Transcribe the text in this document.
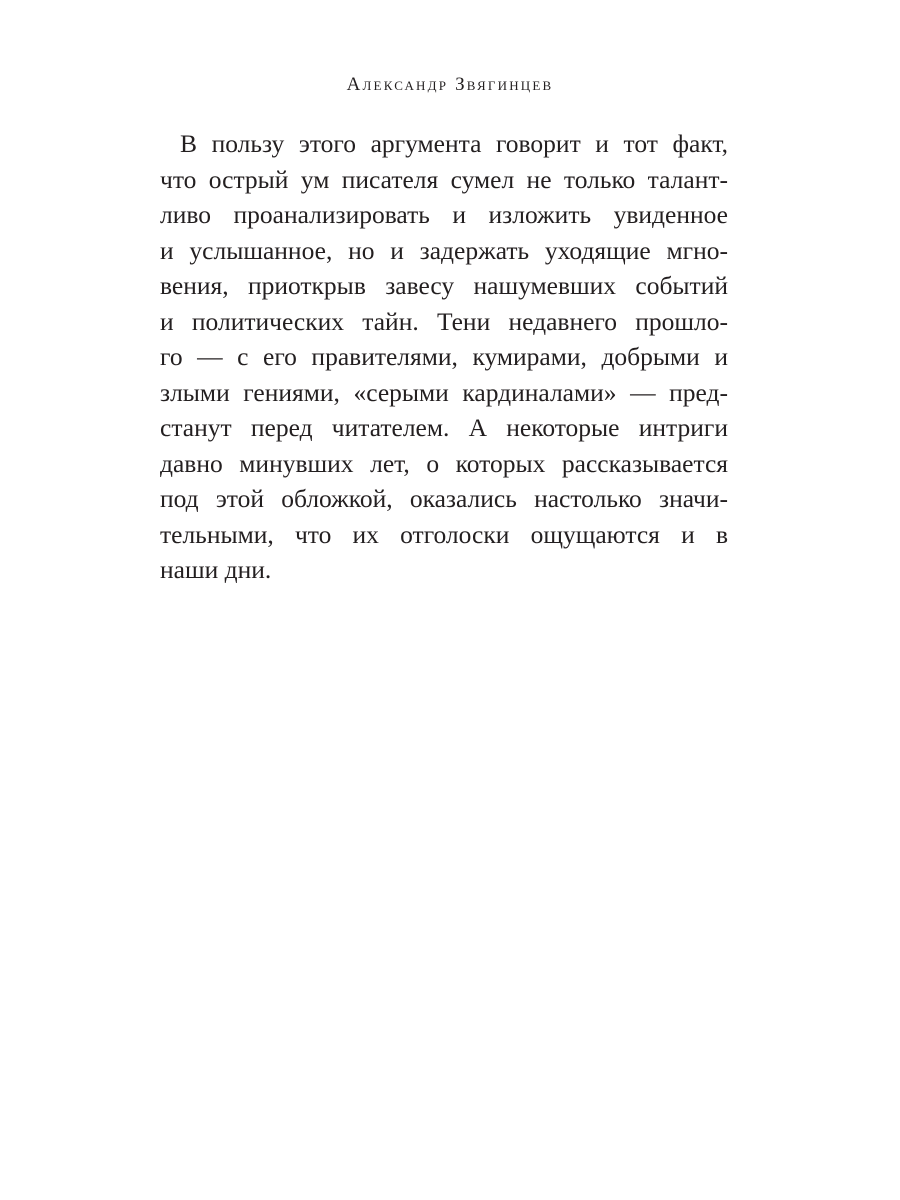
Александр Звягинцев
В пользу этого аргумента говорит и тот факт,
что острый ум писателя сумел не только талант-
ливо проанализировать и изложить увиденное
и услышанное, но и задержать уходящие мгно-
вения, приоткрыв завесу нашумевших событий
и политических тайн. Тени недавнего прошло-
го — с его правителями, кумирами, добрыми и
злыми гениями, «серыми кардиналами» — пред-
станут перед читателем. А некоторые интриги
давно минувших лет, о которых рассказывается
под этой обложкой, оказались настолько значи-
тельными, что их отголоски ощущаются и в
наши дни.
